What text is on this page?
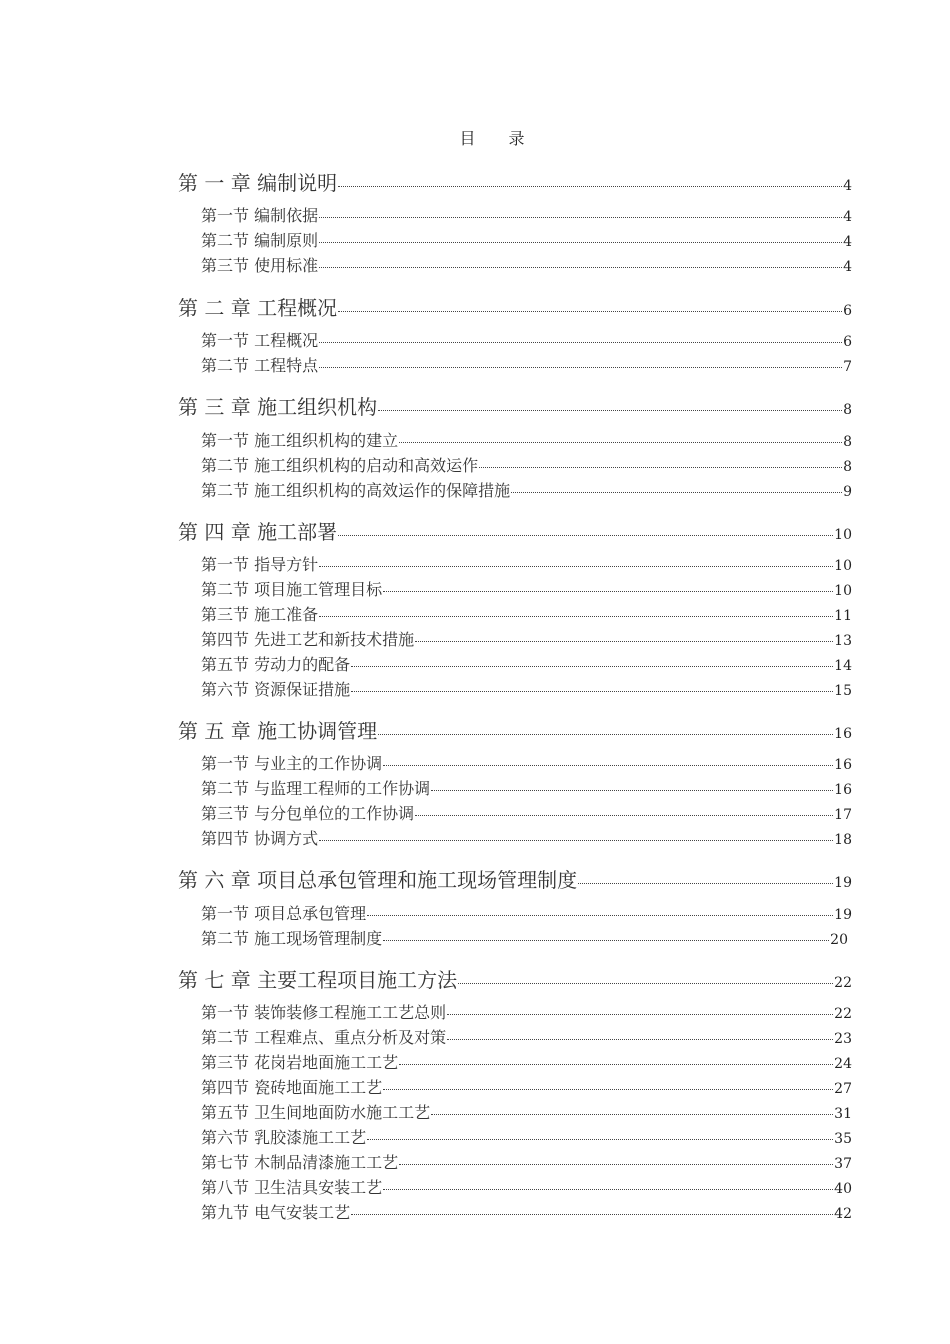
目 录
第 一 章 编制说明	4
第一节 编制依据	4
第二节 编制原则	4
第三节 使用标准	4
第 二 章 工程概况	6
第一节 工程概况	6
第二节 工程特点	7
第 三 章 施工组织机构	8
第一节 施工组织机构的建立	8
第二节 施工组织机构的启动和高效运作	8
第二节 施工组织机构的高效运作的保障措施	9
第 四 章 施工部署	10
第一节 指导方针	10
第二节 项目施工管理目标	10
第三节 施工准备	11
第四节 先进工艺和新技术措施	13
第五节 劳动力的配备	14
第六节 资源保证措施	15
第 五 章 施工协调管理	16
第一节 与业主的工作协调	16
第二节 与监理工程师的工作协调	16
第三节 与分包单位的工作协调	17
第四节 协调方式	18
第 六 章 项目总承包管理和施工现场管理制度	19
第一节 项目总承包管理	19
第二节 施工现场管理制度	20
第 七 章 主要工程项目施工方法	22
第一节 装饰装修工程施工工艺总则	22
第二节 工程难点、重点分析及对策	23
第三节 花岗岩地面施工工艺	24
第四节 瓷砖地面施工工艺	27
第五节 卫生间地面防水施工工艺	31
第六节 乳胶漆施工工艺	35
第七节 木制品清漆施工工艺	37
第八节 卫生洁具安装工艺	40
第九节 电气安装工艺	42
